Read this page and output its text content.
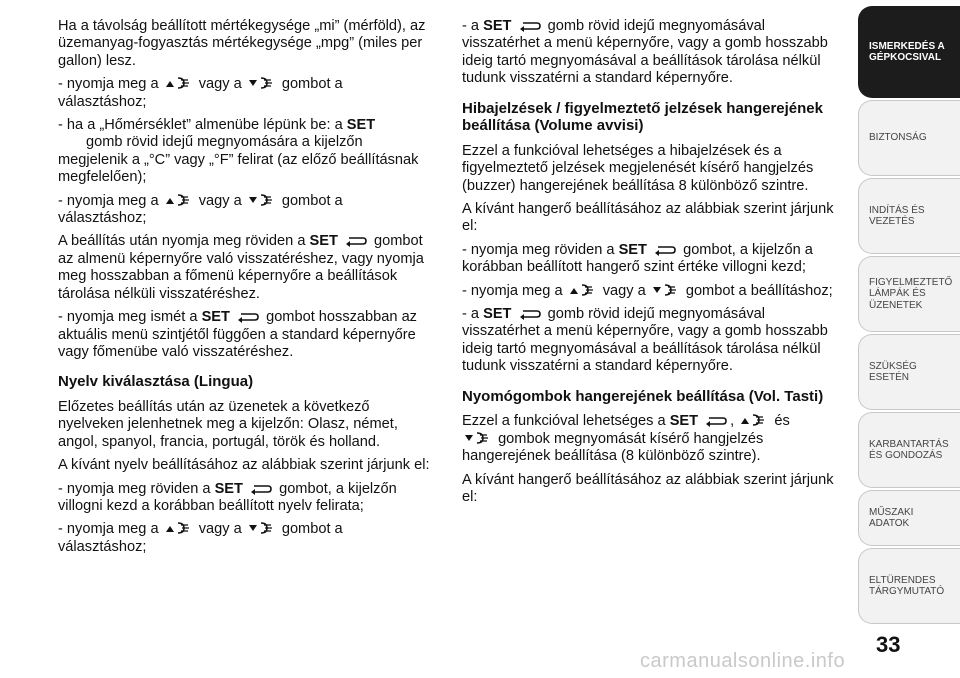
Ha a távolság beállított mértékegysége „mi” (mérföld), az üzemanyag-fogyasztás mértékegysége „mpg” (miles per gallon) lesz.

- nyomja meg a	vagy a	gombot a választáshoz;

- ha a „Hőmérséklet” almenübe lépünk be: a SET
gomb rövid idejű megnyomására a kijelzőn megjelenik a „°C” vagy „°F” felirat (az előző beállításnak megfelelően);

- nyomja meg a	vagy a	gombot a választáshoz;

A beállítás után nyomja meg röviden a SET gombot az almenü képernyőre való visszatéréshez, vagy nyomja meg hosszabban a főmenü képernyőre a beállítások tárolása nélküli visszatéréshez.

- nyomja meg ismét a SET gombot hosszabban az aktuális menü szintjétől függően a standard képernyőre vagy főmenübe való visszatéréshez.

Nyelv kiválasztása (Lingua)

Előzetes beállítás után az üzenetek a következő nyelveken jelenhetnek meg a kijelzőn: Olasz, német, angol, spanyol, francia, portugál, török és holland.

A kívánt nyelv beállításához az alábbiak szerint járjunk el:

- nyomja meg röviden a SET gombot, a kijelzőn villogni kezd a korábban beállított nyelv felirata;

- nyomja meg a	vagy a	gombot a választáshoz;

- a SET gomb rövid idejű megnyomásával visszatérhet a menü képernyőre, vagy a gomb hosszabb ideig tartó megnyomásával a beállítások tárolása nélkül tudunk visszatérni a standard képernyőre.

Hibajelzések / figyelmeztető jelzések hangerejének beállítása (Volume avvisi)

Ezzel a funkcióval lehetséges a hibajelzések és a figyelmeztető jelzések megjelenését kísérő hangjelzés (buzzer) hangerejének beállítása 8 különböző szintre.

A kívánt hangerő beállításához az alábbiak szerint járjunk el:

- nyomja meg röviden a SET gombot, a kijelzőn a korábban beállított hangerő szint értéke villogni kezd;

- nyomja meg a	vagy a	gombot a beállításhoz;

- a SET gomb rövid idejű megnyomásával visszatérhet a menü képernyőre, vagy a gomb hosszabb ideig tartó megnyomásával a beállítások tárolása nélkül tudunk visszatérni a standard képernyőre.

Nyomógombok hangerejének beállítása (Vol. Tasti)

Ezzel a funkcióval lehetséges a SET ,	és
gombok megnyomását kísérő hangjelzés hangerejének beállítása (8 különböző szintre).

A kívánt hangerő beállításához az alábbiak szerint járjunk el:

ISMERKEDÉS A GÉPKOCSIVAL
BIZTONSÁG
INDÍTÁS ÉS VEZETÉS
FIGYELMEZTETŐ LÁMPÁK ÉS ÜZENETEK
SZÜKSÉG ESETÉN
KARBANTARTÁS ÉS GONDOZÁS
MŰSZAKI ADATOK
ELTÜRENDES TÁRGYMUTATÓ
33
carmanualsonline.info
